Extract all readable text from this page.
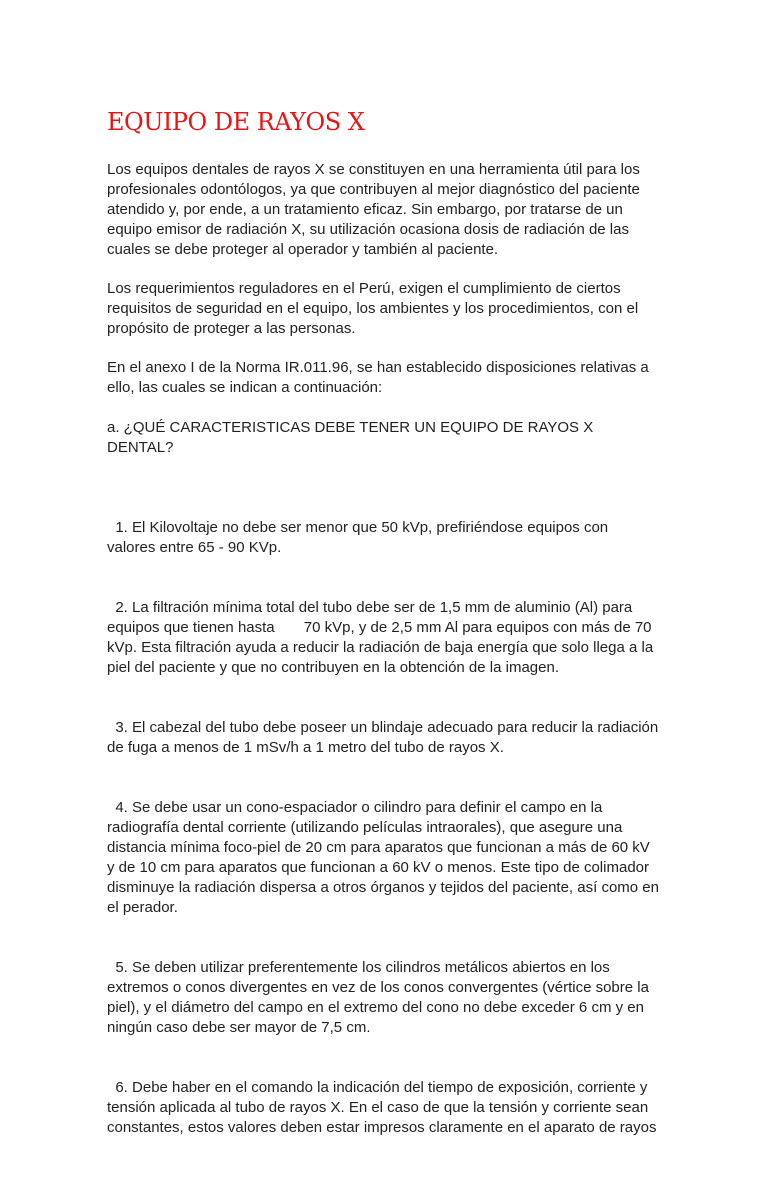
EQUIPO DE RAYOS X

Los equipos dentales de rayos X se constituyen en una herramienta útil para los
profesionales odontólogos, ya que contribuyen al mejor diagnóstico del paciente
atendido y, por ende, a un tratamiento eficaz. Sin embargo, por tratarse de un
equipo emisor de radiación X, su utilización ocasiona dosis de radiación de las
cuales se debe proteger al operador y también al paciente.

Los requerimientos reguladores en el Perú, exigen el cumplimiento de ciertos
requisitos de seguridad en el equipo, los ambientes y los procedimientos, con el
propósito de proteger a las personas.

En el anexo I de la Norma IR.011.96, se han establecido disposiciones relativas a
ello, las cuales se indican a continuación:

a. ¿QUÉ CARACTERISTICAS DEBE TENER UN EQUIPO DE RAYOS X
DENTAL?

1. El Kilovoltaje no debe ser menor que 50 kVp, prefiriéndose equipos con
valores entre 65 - 90 KVp.

2. La filtración mínima total del tubo debe ser de 1,5 mm de aluminio (Al) para
equipos que tienen hasta       70 kVp, y de 2,5 mm Al para equipos con más de 70
kVp. Esta filtración ayuda a reducir la radiación de baja energía que solo llega a la
piel del paciente y que no contribuyen en la obtención de la imagen.

3. El cabezal del tubo debe poseer un blindaje adecuado para reducir la radiación
de fuga a menos de 1 mSv/h a 1 metro del tubo de rayos X.

4. Se debe usar un cono-espaciador o cilindro para definir el campo en la
radiografía dental corriente (utilizando películas intraorales), que asegure una
distancia mínima foco-piel de 20 cm para aparatos que funcionan a más de 60 kV
y de 10 cm para aparatos que funcionan a 60 kV o menos. Este tipo de colimador
disminuye la radiación dispersa a otros órganos y tejidos del paciente, así como en
el perador.

5. Se deben utilizar preferentemente los cilindros metálicos abiertos en los
extremos o conos divergentes en vez de los conos convergentes (vértice sobre la
piel), y el diámetro del campo en el extremo del cono no debe exceder 6 cm y en
ningún caso debe ser mayor de 7,5 cm.

6. Debe haber en el comando la indicación del tiempo de exposición, corriente y
tensión aplicada al tubo de rayos X. En el caso de que la tensión y corriente sean
constantes, estos valores deben estar impresos claramente en el aparato de rayos
